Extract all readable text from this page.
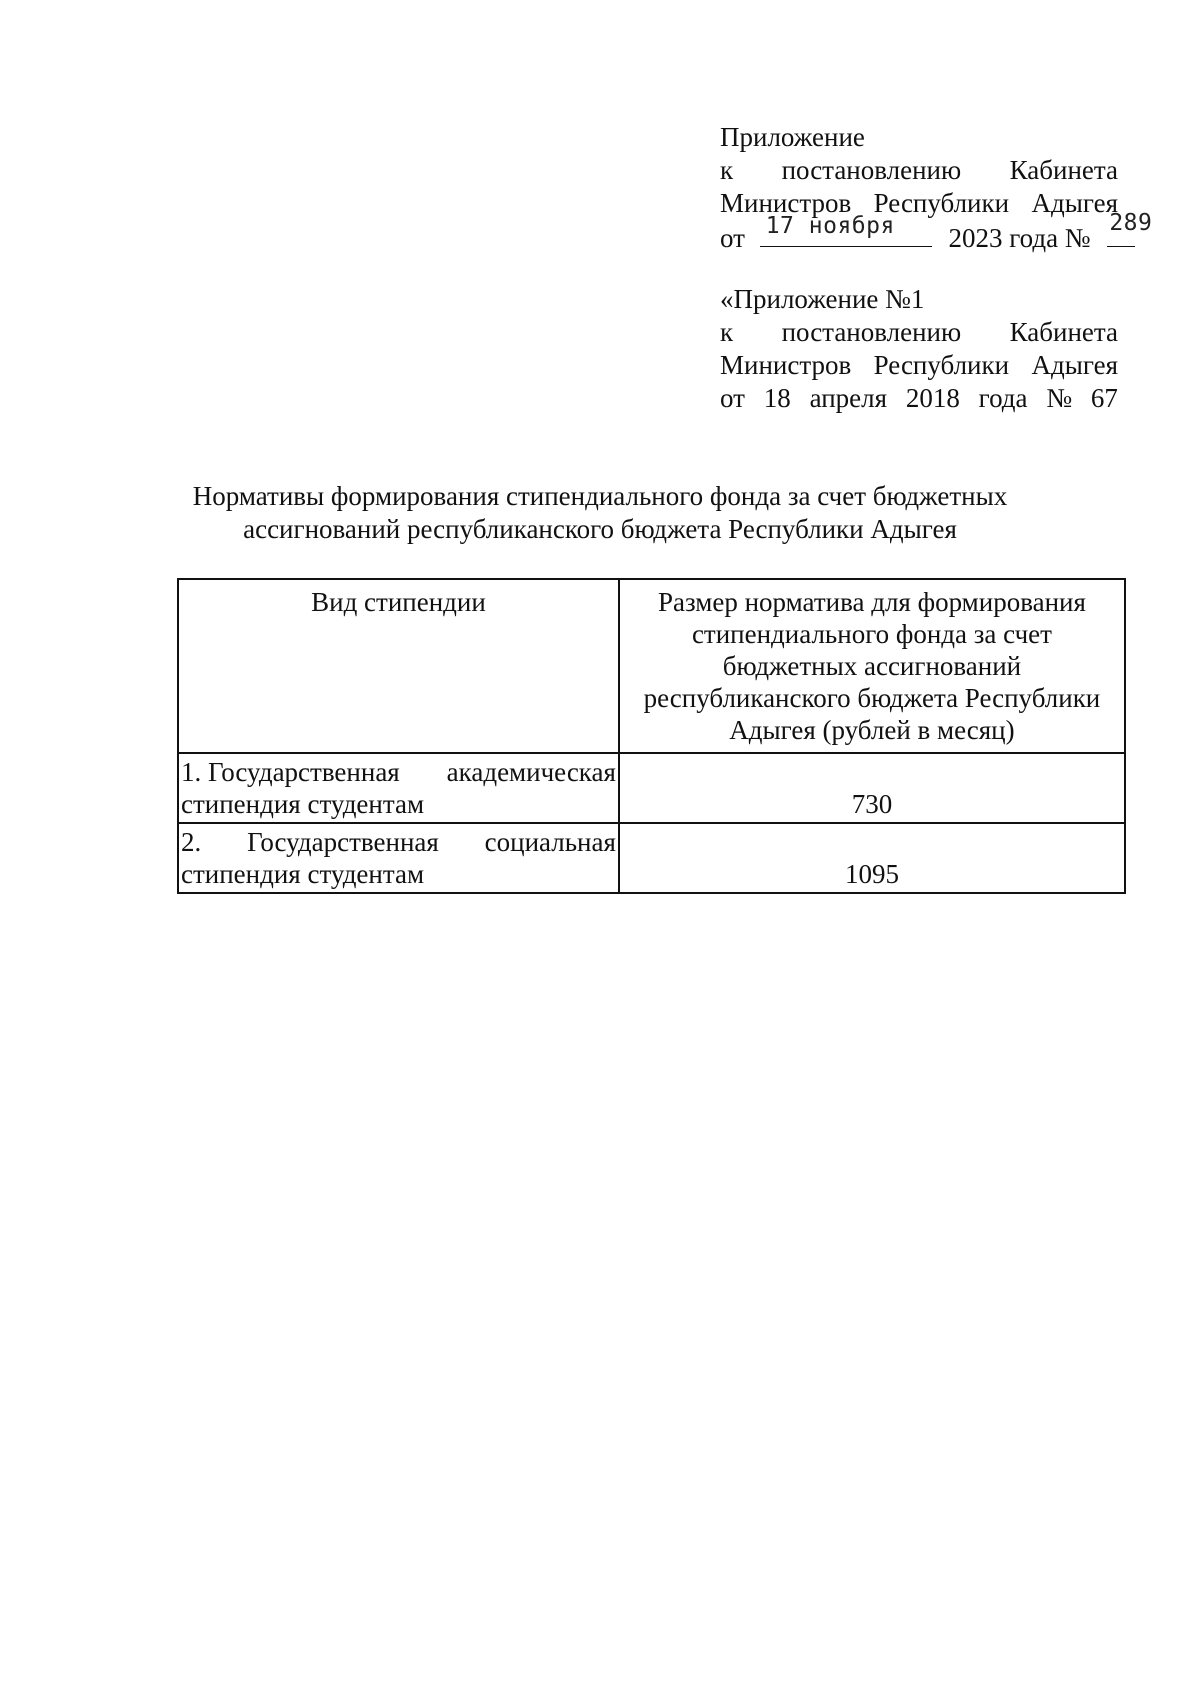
Приложение
к постановлению Кабинета
Министров Республики Адыгея
от 17 ноября 2023 года № 289
«Приложение №1
к постановлению Кабинета
Министров Республики Адыгея
от 18 апреля 2018 года № 67
Нормативы формирования стипендиального фонда за счет бюджетных
ассигнований республиканского бюджета Республики Адыгея
Вид стипендии	Размер норматива для формирования
стипендиального фонда за счет
бюджетных ассигнований
республиканского бюджета Республики
Адыгея (рублей в месяц)

1. Государственная академическая
стипендия студентам	730

2. Государственная социальная
стипендия студентам	1095
